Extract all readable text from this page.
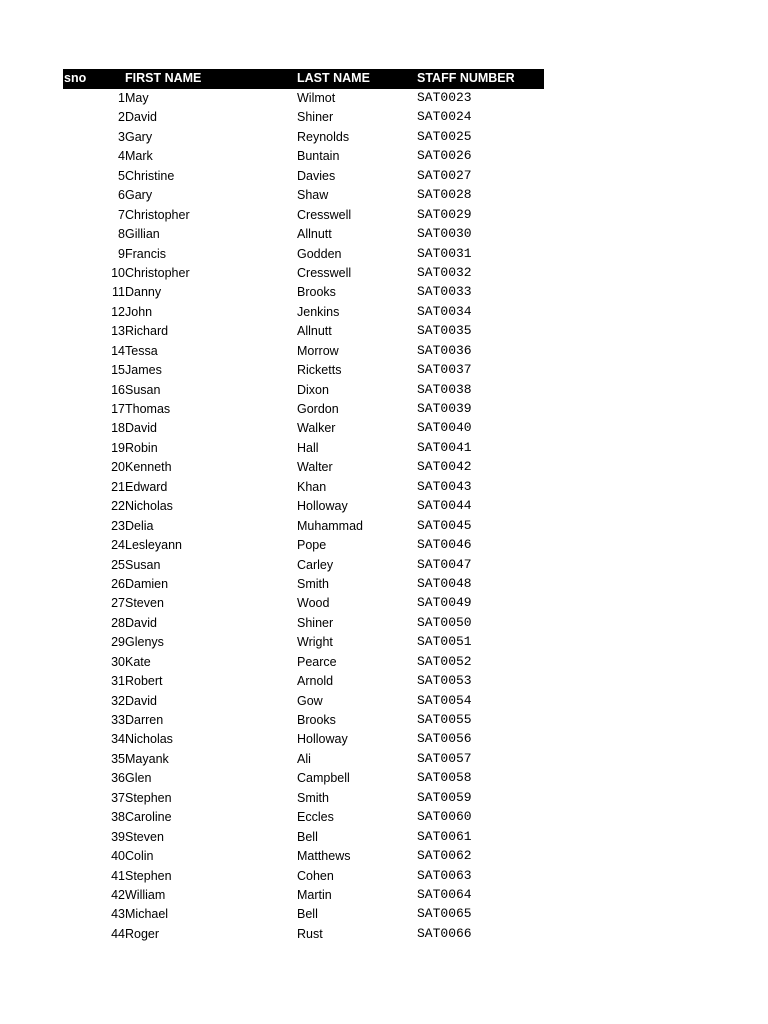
sno	FIRST NAME	LAST NAME	STAFF NUMBER
1 May	Wilmot	SAT0023
2 David	Shiner	SAT0024
3 Gary	Reynolds	SAT0025
4 Mark	Buntain	SAT0026
5 Christine	Davies	SAT0027
6 Gary	Shaw	SAT0028
7 Christopher	Cresswell	SAT0029
8 Gillian	Allnutt	SAT0030
9 Francis	Godden	SAT0031
10 Christopher	Cresswell	SAT0032
11 Danny	Brooks	SAT0033
12 John	Jenkins	SAT0034
13 Richard	Allnutt	SAT0035
14 Tessa	Morrow	SAT0036
15 James	Ricketts	SAT0037
16 Susan	Dixon	SAT0038
17 Thomas	Gordon	SAT0039
18 David	Walker	SAT0040
19 Robin	Hall	SAT0041
20 Kenneth	Walter	SAT0042
21 Edward	Khan	SAT0043
22 Nicholas	Holloway	SAT0044
23 Delia	Muhammad	SAT0045
24 Lesleyann	Pope	SAT0046
25 Susan	Carley	SAT0047
26 Damien	Smith	SAT0048
27 Steven	Wood	SAT0049
28 David	Shiner	SAT0050
29 Glenys	Wright	SAT0051
30 Kate	Pearce	SAT0052
31 Robert	Arnold	SAT0053
32 David	Gow	SAT0054
33 Darren	Brooks	SAT0055
34 Nicholas	Holloway	SAT0056
35 Mayank	Ali	SAT0057
36 Glen	Campbell	SAT0058
37 Stephen	Smith	SAT0059
38 Caroline	Eccles	SAT0060
39 Steven	Bell	SAT0061
40 Colin	Matthews	SAT0062
41 Stephen	Cohen	SAT0063
42 William	Martin	SAT0064
43 Michael	Bell	SAT0065
44 Roger	Rust	SAT0066
